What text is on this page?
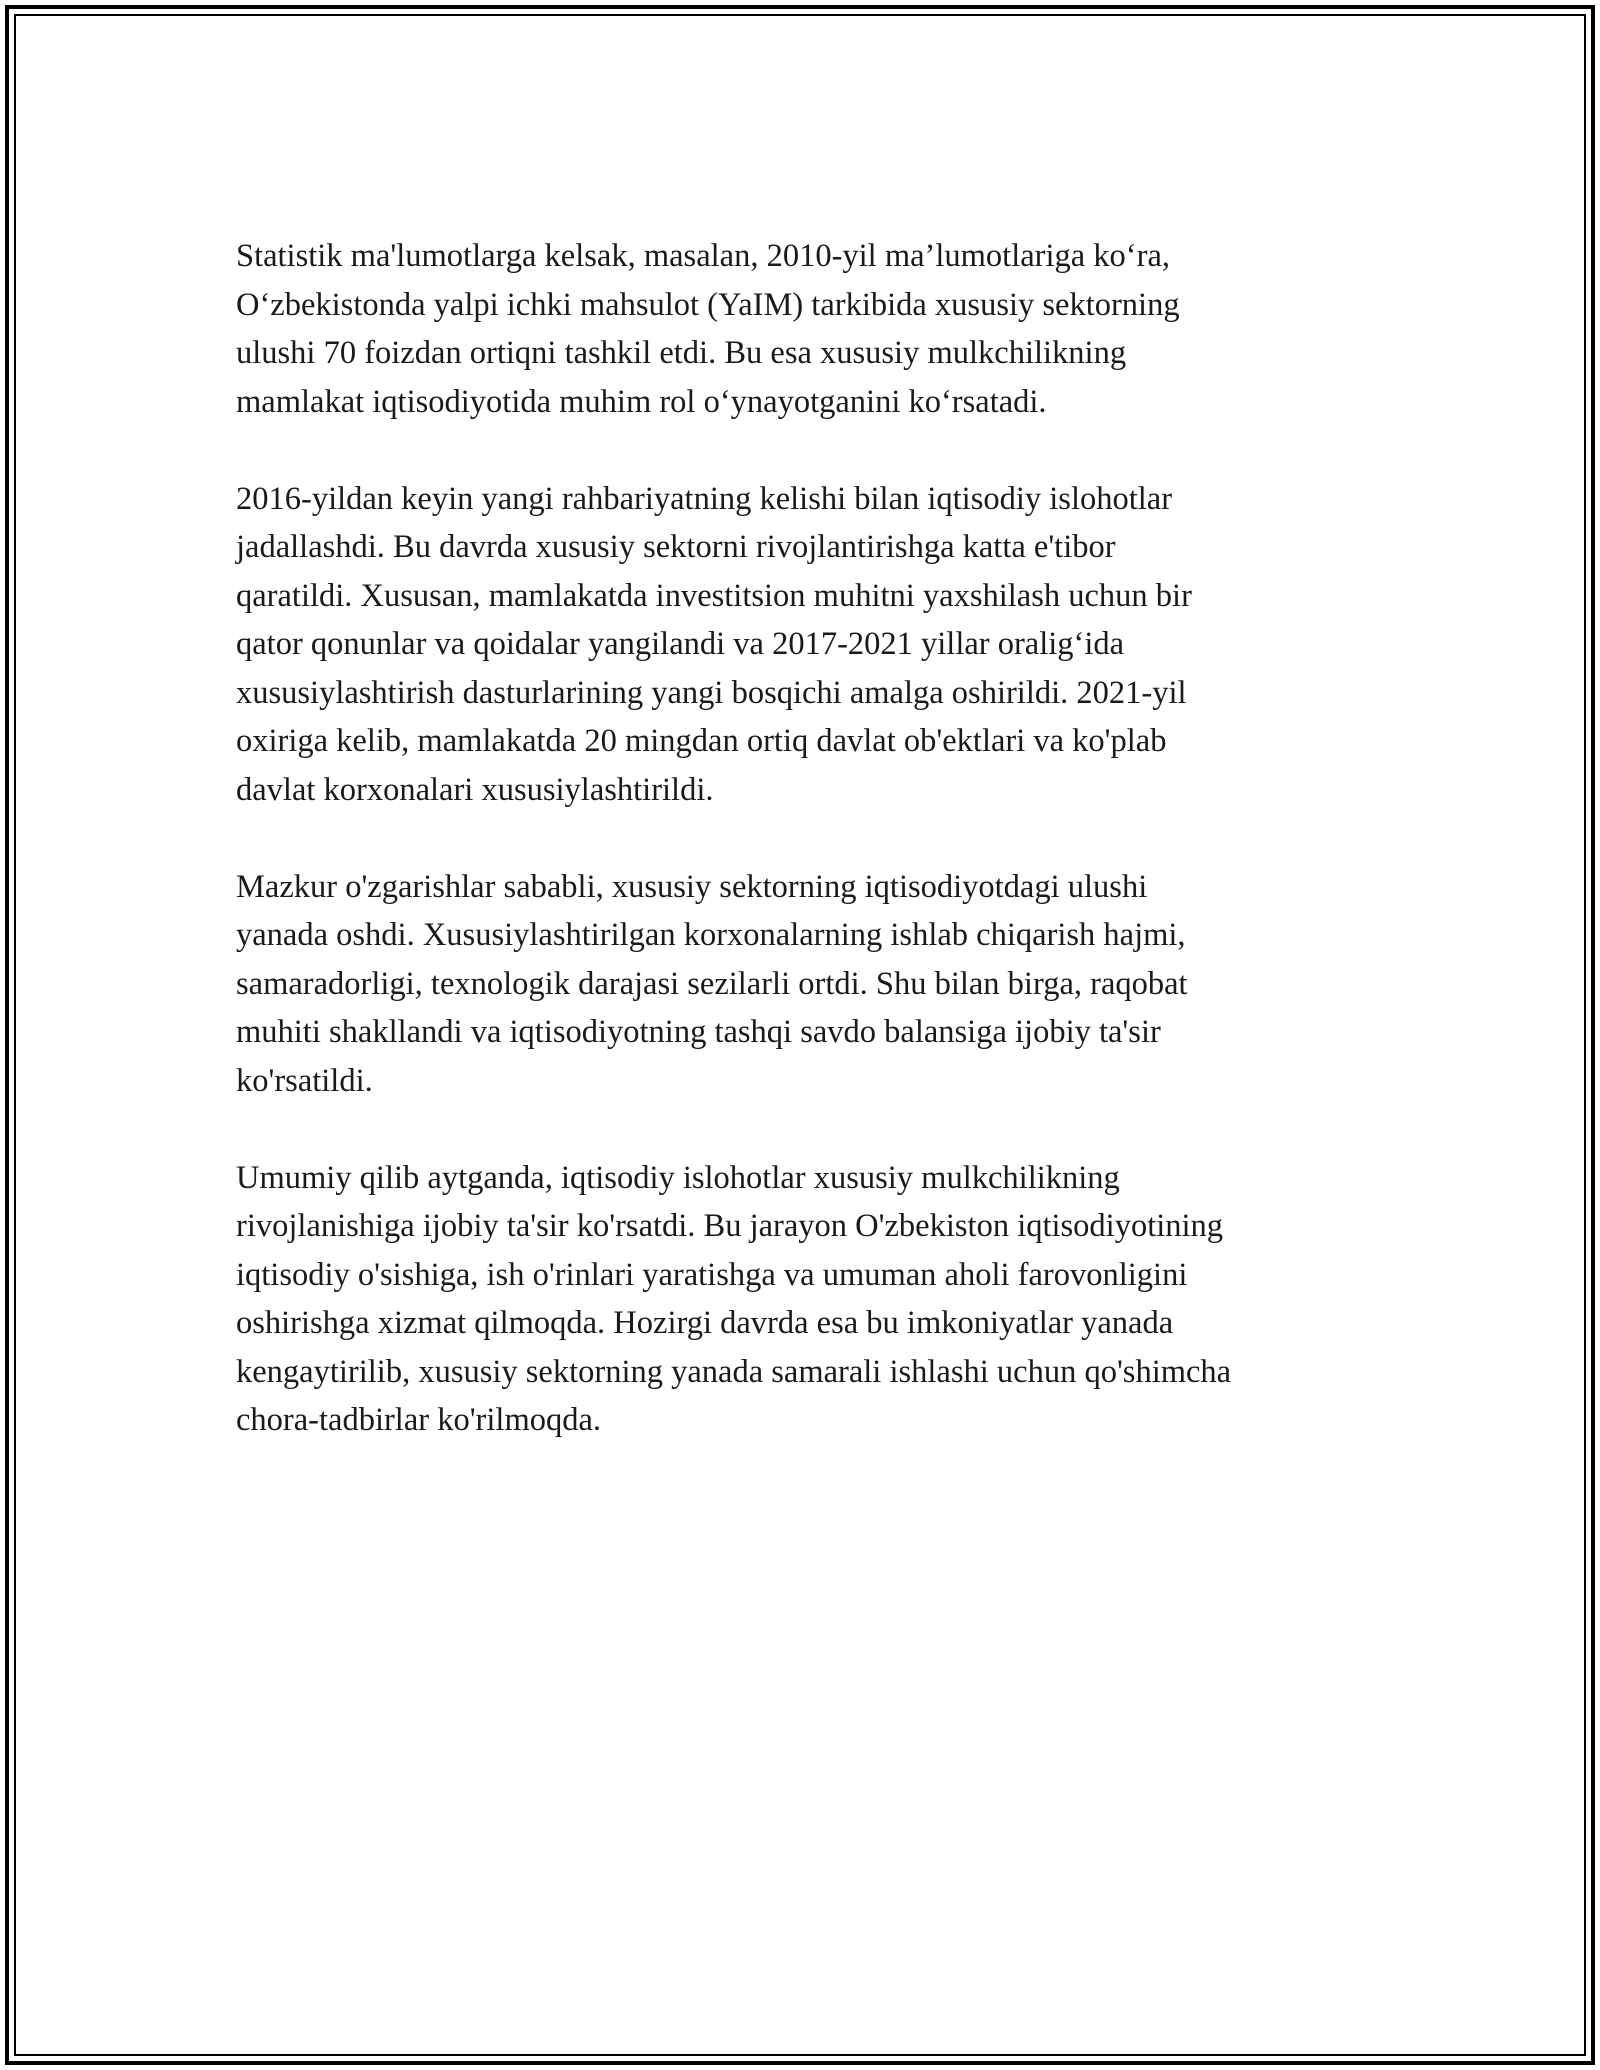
Statistik ma'lumotlarga kelsak, masalan, 2010-yil ma’lumotlariga ko‘ra,
O‘zbekistonda yalpi ichki mahsulot (YaIM) tarkibida xususiy sektorning
ulushi 70 foizdan ortiqni tashkil etdi. Bu esa xususiy mulkchilikning
mamlakat iqtisodiyotida muhim rol o‘ynayotganini ko‘rsatadi.

2016-yildan keyin yangi rahbariyatning kelishi bilan iqtisodiy islohotlar
jadallashdi. Bu davrda xususiy sektorni rivojlantirishga katta e'tibor
qaratildi. Xususan, mamlakatda investitsion muhitni yaxshilash uchun bir
qator qonunlar va qoidalar yangilandi va 2017-2021 yillar oralig‘ida
xususiylashtirish dasturlarining yangi bosqichi amalga oshirildi. 2021-yil
oxiriga kelib, mamlakatda 20 mingdan ortiq davlat ob'ektlari va ko'plab
davlat korxonalari xususiylashtirildi.

Mazkur o'zgarishlar sababli, xususiy sektorning iqtisodiyotdagi ulushi
yanada oshdi. Xususiylashtirilgan korxonalarning ishlab chiqarish hajmi,
samaradorligi, texnologik darajasi sezilarli ortdi. Shu bilan birga, raqobat
muhiti shakllandi va iqtisodiyotning tashqi savdo balansiga ijobiy ta'sir
ko'rsatildi.

Umumiy qilib aytganda, iqtisodiy islohotlar xususiy mulkchilikning
rivojlanishiga ijobiy ta'sir ko'rsatdi. Bu jarayon O'zbekiston iqtisodiyotining
iqtisodiy o'sishiga, ish o'rinlari yaratishga va umuman aholi farovonligini
oshirishga xizmat qilmoqda. Hozirgi davrda esa bu imkoniyatlar yanada
kengaytirilib, xususiy sektorning yanada samarali ishlashi uchun qo'shimcha
chora-tadbirlar ko'rilmoqda.
